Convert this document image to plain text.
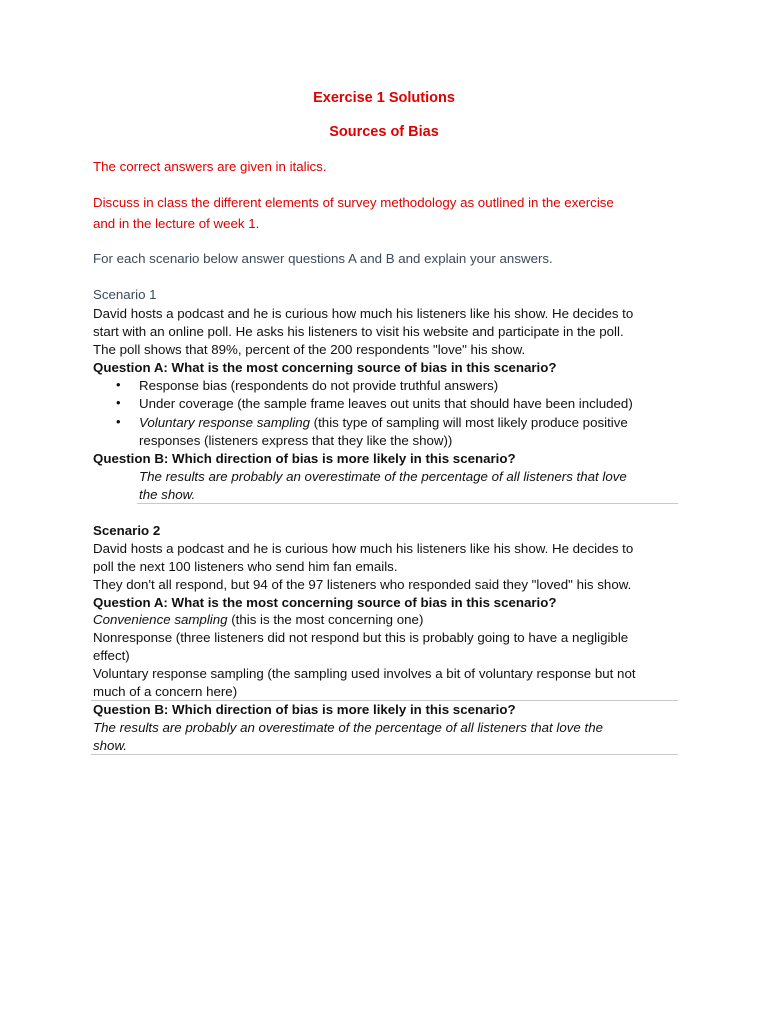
Exercise 1 Solutions
Sources of Bias
The correct answers are given in italics.
Discuss in class the different elements of survey methodology as outlined in the exercise
and in the lecture of week 1.
For each scenario below answer questions A and B and explain your answers.
Scenario 1
David hosts a podcast and he is curious how much his listeners like his show. He decides to
start with an online poll. He asks his listeners to visit his website and participate in the poll.
The poll shows that 89%, percent of the 200 respondents "love" his show.
Question A: What is the most concerning source of bias in this scenario?
• Response bias (respondents do not provide truthful answers)
• Under coverage (the sample frame leaves out units that should have been included)
• Voluntary response sampling (this type of sampling will most likely produce positive
responses (listeners express that they like the show))
Question B: Which direction of bias is more likely in this scenario?
The results are probably an overestimate of the percentage of all listeners that love
the show.
Scenario 2
David hosts a podcast and he is curious how much his listeners like his show. He decides to
poll the next 100 listeners who send him fan emails.
They don't all respond, but 94 of the 97 listeners who responded said they "loved" his show.
Question A: What is the most concerning source of bias in this scenario?
Convenience sampling (this is the most concerning one)
Nonresponse (three listeners did not respond but this is probably going to have a negligible
effect)
Voluntary response sampling (the sampling used involves a bit of voluntary response but not
much of a concern here)
Question B: Which direction of bias is more likely in this scenario?
The results are probably an overestimate of the percentage of all listeners that love the
show.
